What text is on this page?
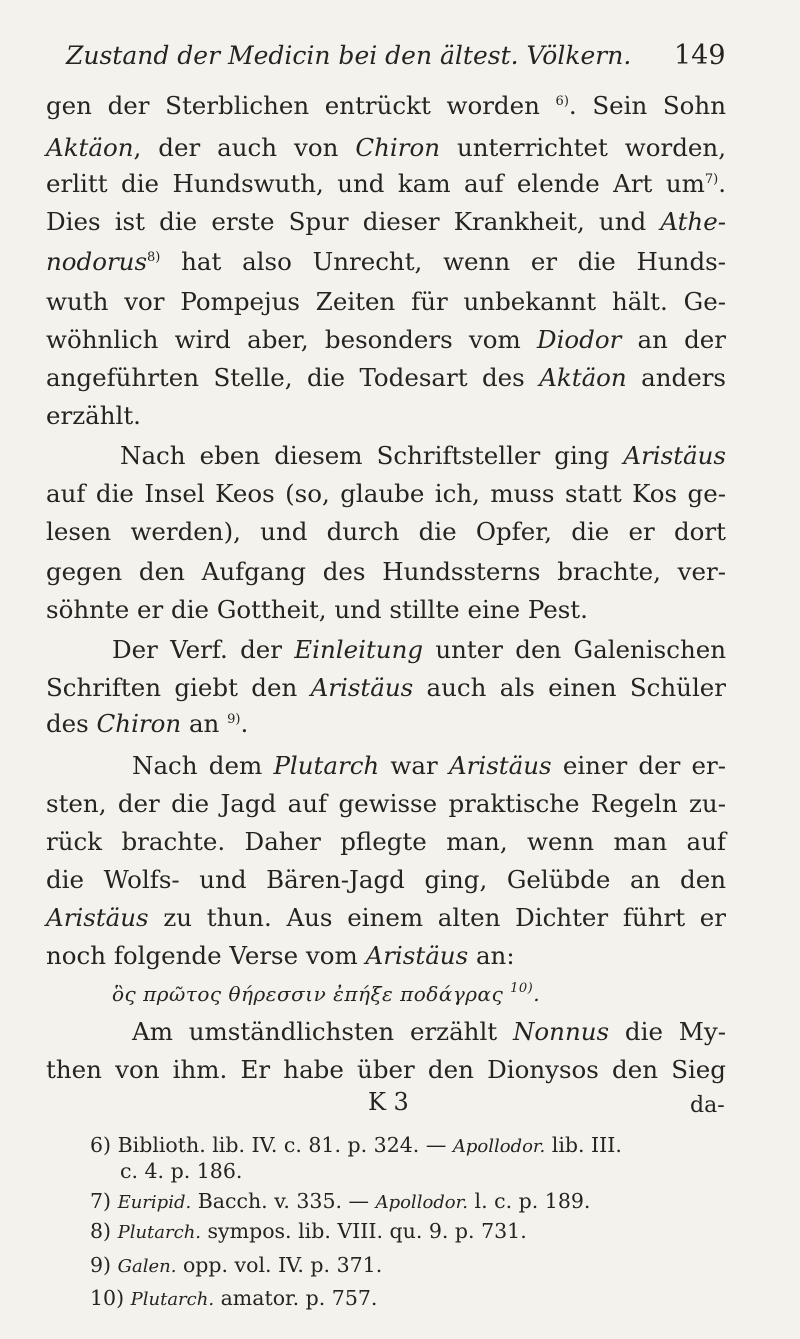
Zustand der Medicin bei den ältest. Völkern. 149
gen der Sterblichen entrückt worden $^{6)}$. Sein Sohn
Aktäon, der auch von Chiron unterrichtet worden,
erlitt die Hundswuth, und kam auf elende Art $um^{7)}$.
Dies ist die erste Spur dieser Krankheit, und Athe-
nodorus$^{8)}$ hat also Unrecht, wenn er die Hunds-
wuth vor Pompejus Zeiten für unbekannt hält. Ge-
wöhnlich wird aber, besonders vom Diodor an der
angeführten Stelle, die Todesart des Aktäon anders
erzählt.
Nach eben diesem Schriftsteller ging Aristäus
auf die Insel Keos (so, glaube ich, muss statt Kos ge-
lesen werden), und durch die Opfer, die er dort
gegen den Aufgang des Hundssterns brachte, ver-
söhnte er die Gottheit, und stillte eine Pest.
Der Verf. der Einleitung unter den Galenischen
Schriften giebt den Aristäus auch als einen Schüler
des Chiron an $^{9)}$.
Nach dem Plutarch war Aristäus einer der er-
sten, der die Jagd auf gewisse praktische Regeln zu-
rück brachte. Daher pflegte man, wenn man auf
die Wolfs- und Bären-Jagd ging, Gelübde an den
Aristäus zu thun. Aus einem alten Dichter führt er
noch folgende Verse vom Aristäus an:
ὃς πρῶτος θήρεσσιν ἐπήξε ποδάγρας $^{10)}$.
Am umständlichsten erzählt Nonnus die My-
then von ihm. Er habe über den Dionysos den Sieg
K 3	da-
6) Biblioth. lib. IV. c. 81. p. 324. — Apollodor. lib. III.
c. 4. p. 186.
7) Euripid. Bacch. v. 335. — Apollodor. l. c. p. 189.
8) Plutarch. sympos. lib. VIII. qu. 9. p. 731.
9) Galen. opp. vol. IV. p. 371.
10) Plutarch. amator. p. 757.
